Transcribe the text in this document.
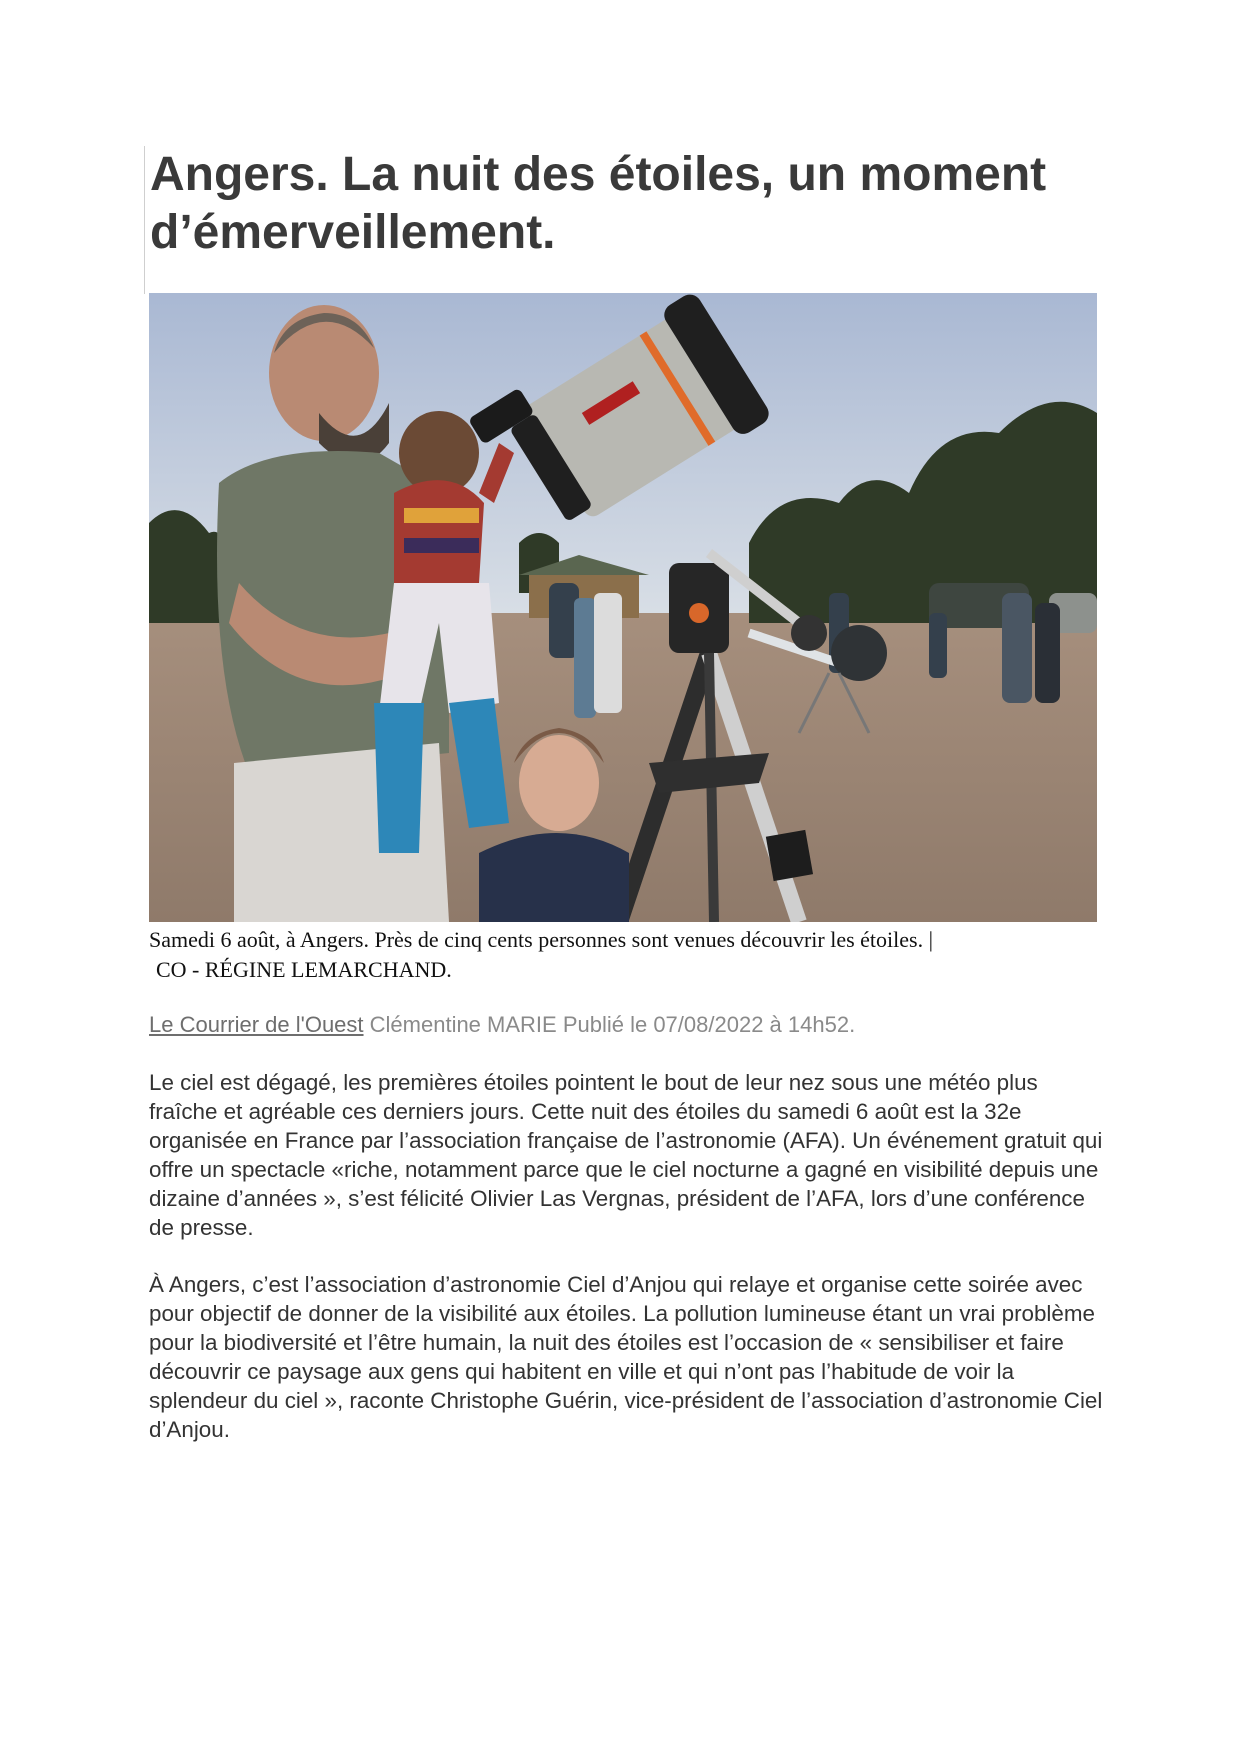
Angers. La nuit des étoiles, un moment d’émerveillement.

Samedi 6 août, à Angers. Près de cinq cents personnes sont venues découvrir les étoiles. |
CO - RÉGINE LEMARCHAND.

Le Courrier de l'Ouest Clémentine MARIE Publié le 07/08/2022 à 14h52.

Le ciel est dégagé, les premières étoiles pointent le bout de leur nez sous une météo plus fraîche et agréable ces derniers jours. Cette nuit des étoiles du samedi 6 août est la 32e organisée en France par l’association française de l’astronomie (AFA). Un événement gratuit qui offre un spectacle «riche, notamment parce que le ciel nocturne a gagné en visibilité depuis une dizaine d’années », s’est félicité Olivier Las Vergnas, président de l’AFA, lors d’une conférence de presse.

À Angers, c’est l’association d’astronomie Ciel d’Anjou qui relaye et organise cette soirée avec pour objectif de donner de la visibilité aux étoiles. La pollution lumineuse étant un vrai problème pour la biodiversité et l’être humain, la nuit des étoiles est l’occasion de « sensibiliser et faire découvrir ce paysage aux gens qui habitent en ville et qui n’ont pas l’habitude de voir la splendeur du ciel », raconte Christophe Guérin, vice-président de l’association d’astronomie Ciel d’Anjou.
